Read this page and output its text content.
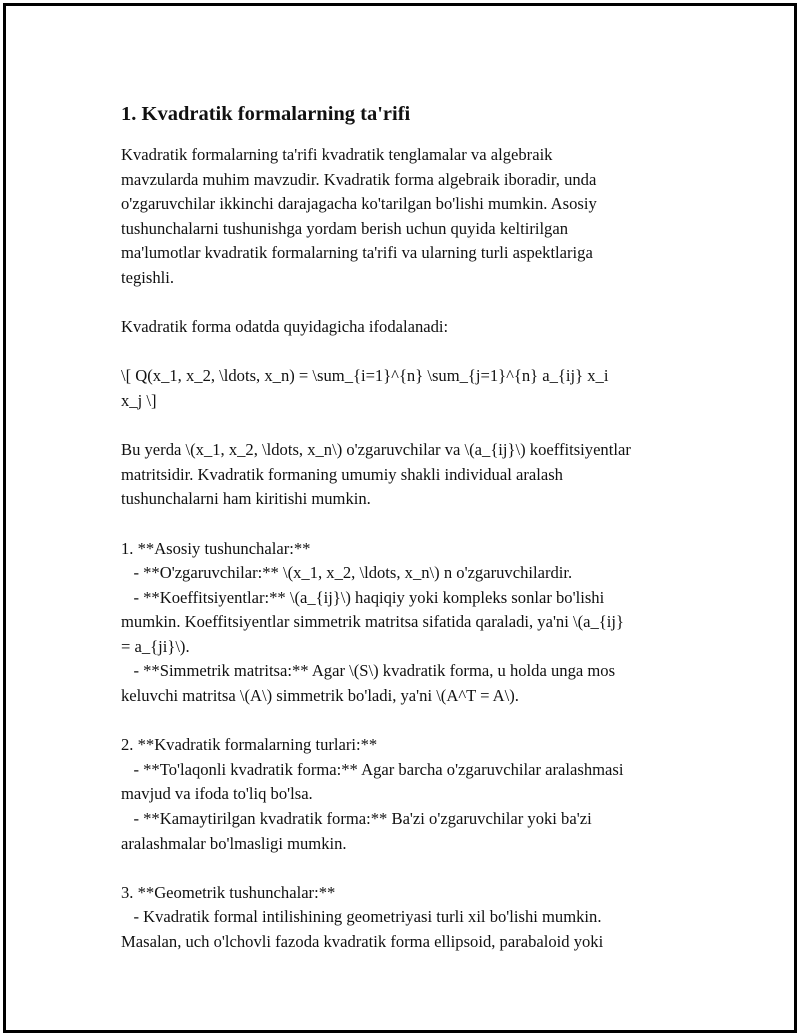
1. Kvadratik formalarning ta'rifi

Kvadratik formalarning ta'rifi kvadratik tenglamalar va algebraik
mavzularda muhim mavzudir. Kvadratik forma algebraik iboradir, unda
o'zgaruvchilar ikkinchi darajagacha ko'tarilgan bo'lishi mumkin. Asosiy
tushunchalarni tushunishga yordam berish uchun quyida keltirilgan
ma'lumotlar kvadratik formalarning ta'rifi va ularning turli aspektlariga
tegishli.

Kvadratik forma odatda quyidagicha ifodalanadi:

\[ Q(x_1, x_2, \ldots, x_n) = \sum_{i=1}^{n} \sum_{j=1}^{n} a_{ij} x_i
x_j \]

Bu yerda \(x_1, x_2, \ldots, x_n\) o'zgaruvchilar va \(a_{ij}\) koeffitsiyentlar
matritsidir. Kvadratik formaning umumiy shakli individual aralash
tushunchalarni ham kiritishi mumkin.

1. **Asosiy tushunchalar:**
- **O'zgaruvchilar:** \(x_1, x_2, \ldots, x_n\) n o'zgaruvchilardir.
- **Koeffitsiyentlar:** \(a_{ij}\) haqiqiy yoki kompleks sonlar bo'lishi
mumkin. Koeffitsiyentlar simmetrik matritsa sifatida qaraladi, ya'ni \(a_{ij}
= a_{ji}\).
- **Simmetrik matritsa:** Agar \(S\) kvadratik forma, u holda unga mos
keluvchi matritsa \(A\) simmetrik bo'ladi, ya'ni \(A^T = A\).

2. **Kvadratik formalarning turlari:**
- **To'laqonli kvadratik forma:** Agar barcha o'zgaruvchilar aralashmasi
mavjud va ifoda to'liq bo'lsa.
- **Kamaytirilgan kvadratik forma:** Ba'zi o'zgaruvchilar yoki ba'zi
aralashmalar bo'lmasligi mumkin.

3. **Geometrik tushunchalar:**
- Kvadratik formal intilishining geometriyasi turli xil bo'lishi mumkin.
Masalan, uch o'lchovli fazoda kvadratik forma ellipsoid, parabaloid yoki
